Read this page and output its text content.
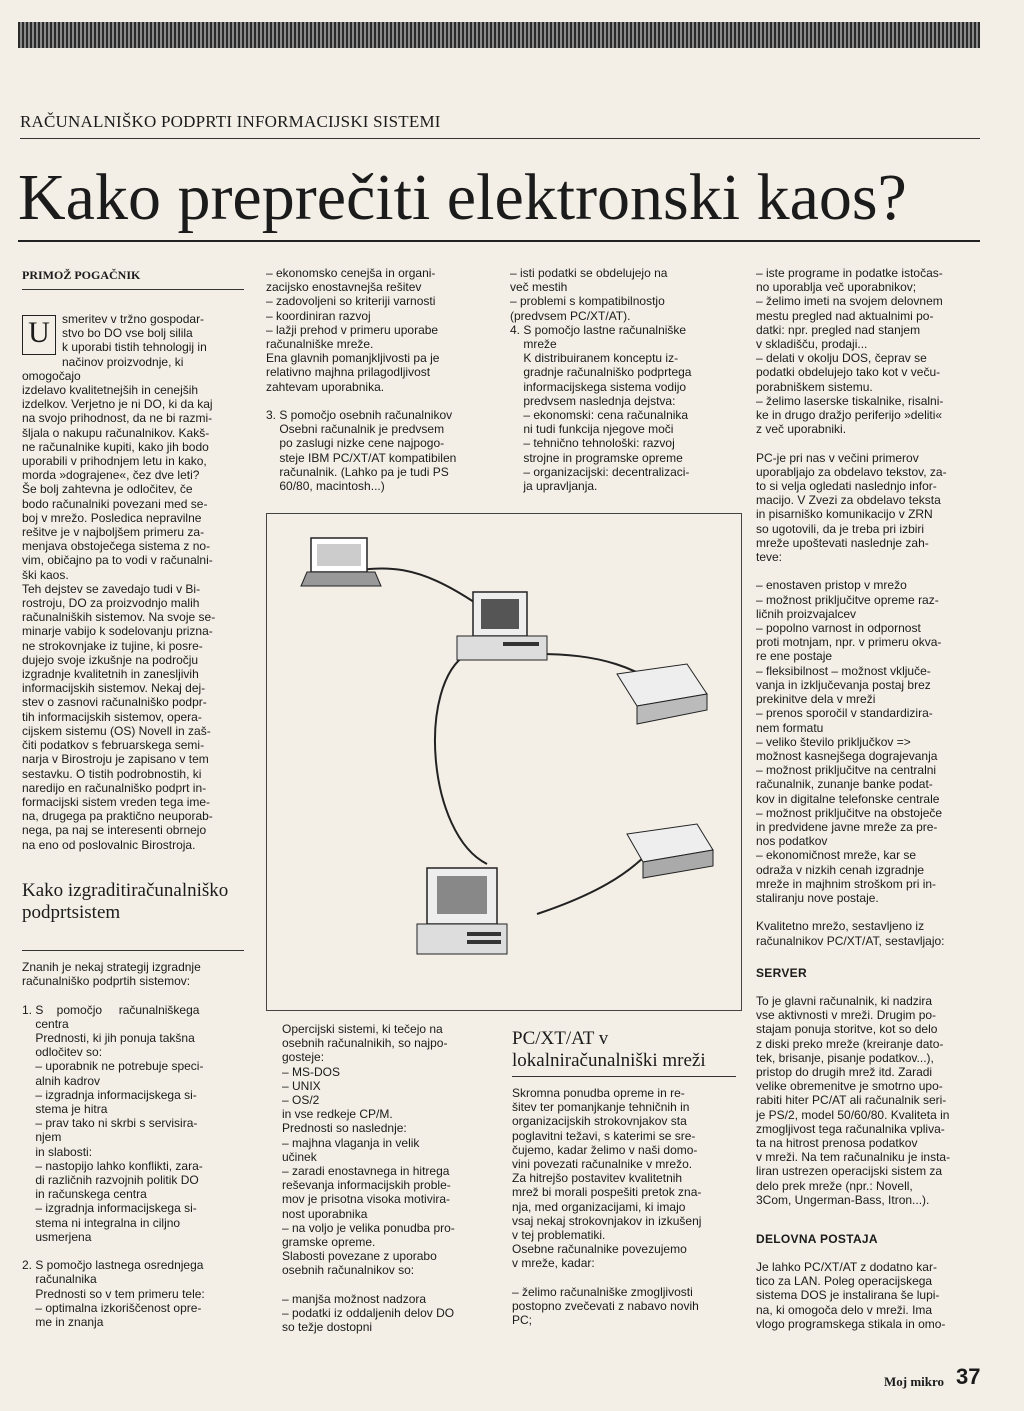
RAČUNALNIŠKO PODPRTI INFORMACIJSKI SISTEMI
Kako preprečiti elektronski kaos?
PRIMOŽ POGAČNIK
U	smeritev v tržno gospodar-
stvo bo DO vse bolj silila
k uporabi tistih tehnologij in
načinov proizvodnje, ki omogočajo
izdelavo kvalitetnejših in cenejših
izdelkov. Verjetno je ni DO, ki da kaj
na svojo prihodnost, da ne bi razmi-
šljala o nakupu računalnikov. Kakš-
ne računalnike kupiti, kako jih bodo
uporabili v prihodnjem letu in kako,
morda »dograjene«, čez dve leti?
Še bolj zahtevna je odločitev, če
bodo računalniki povezani med se-
boj v mrežo. Posledica nepravilne
rešitve je v najboljšem primeru za-
menjava obstoječega sistema z no-
vim, običajno pa to vodi v računalni-
ški kaos.
Teh dejstev se zavedajo tudi v Bi-
rostroju, DO za proizvodnjo malih
računalniških sistemov. Na svoje se-
minarje vabijo k sodelovanju prizna-
ne strokovnjake iz tujine, ki posre-
dujejo svoje izkušnje na področju
izgradnje kvalitetnih in zanesljivih
informacijskih sistemov. Nekaj dej-
stev o zasnovi računalniško podpr-
tih informacijskih sistemov, opera-
cijskem sistemu (OS) Novell in zaš-
čiti podatkov s februarskega semi-
narja v Birostroju je zapisano v tem
sestavku. O tistih podrobnostih, ki
naredijo en računalniško podprt in-
formacijski sistem vreden tega ime-
na, drugega pa praktično neuporab-
nega, pa naj se interesenti obrnejo
na eno od poslovalnic Birostroja.
Kako izgraditiračunalniško podprtsistem
Znanih je nekaj strategij izgradnje
računalniško podprtih sistemov:

1. S    pomočjo     računalniškega
centra
Prednosti, ki jih ponuja takšna
odločitev so:
– uporabnik ne potrebuje speci-
alnih kadrov
– izgradnja informacijskega si-
stema je hitra
– prav tako ni skrbi s servisira-
njem
in slabosti:
– nastopijo lahko konflikti, zara-
di različnih razvojnih politik DO
in računskega centra
– izgradnja informacijskega si-
stema ni integralna in ciljno
usmerjena

2. S pomočjo lastnega osrednjega
računalnika
Prednosti so v tem primeru tele:
– optimalna izkoriščenost opre-
me in znanja
– ekonomsko cenejša in organi-
zacijsko enostavnejša rešitev
– zadovoljeni so kriteriji varnosti
– koordiniran razvoj
– lažji prehod v primeru uporabe
računalniške mreže.
Ena glavnih pomanjkljivosti pa je
relativno majhna prilagodljivost
zahtevam uporabnika.

3. S pomočjo osebnih računalnikov
Osebni računalnik je predvsem
po zaslugi nizke cene najpogo-
steje IBM PC/XT/AT kompatibilen
računalnik. (Lahko pa je tudi PS
60/80, macintosh...)
Opercijski sistemi, ki tečejo na
osebnih računalnikih, so najpo-
gosteje:
– MS-DOS
– UNIX
– OS/2
in vse redkeje CP/M.
Prednosti so naslednje:
– majhna vlaganja in velik
učinek
– zaradi enostavnega in hitrega
reševanja informacijskih proble-
mov je prisotna visoka motivira-
nost uporabnika
– na voljo je velika ponudba pro-
gramske opreme.
Slabosti povezane z uporabo
osebnih računalnikov so:

– manjša možnost nadzora
– podatki iz oddaljenih delov DO
so težje dostopni
– isti podatki se obdelujejo na
več mestih
– problemi s kompatibilnostjo
(predvsem PC/XT/AT).
4. S pomočjo lastne računalniške
mreže
K distribuiranem konceptu iz-
gradnje računalniško podprtega
informacijskega sistema vodijo
predvsem naslednja dejstva:
– ekonomski: cena računalnika
ni tudi funkcija njegove moči
– tehnično tehnološki: razvoj
strojne in programske opreme
– organizacijski: decentralizaci-
ja upravljanja.
PC/XT/AT v lokalniračunalniški mreži
Skromna ponudba opreme in re-
šitev ter pomanjkanje tehničnih in
organizacijskih strokovnjakov sta
poglavitni težavi, s katerimi se sre-
čujemo, kadar želimo v naši domo-
vini povezati računalnike v mrežo.
Za hitrejšo postavitev kvalitetnih
mrež bi morali pospešiti pretok zna-
nja, med organizacijami, ki imajo
vsaj nekaj strokovnjakov in izkušenj
v tej problematiki.
Osebne računalnike povezujemo
v mreže, kadar:

– želimo računalniške zmogljivosti
postopno zvečevati z nabavo novih
PC;
– iste programe in podatke istočas-
no uporablja več uporabnikov;
– želimo imeti na svojem delovnem
mestu pregled nad aktualnimi po-
datki: npr. pregled nad stanjem
v skladišču, prodaji...
– delati v okolju DOS, čeprav se
podatki obdelujejo tako kot v veču-
porabniškem sistemu.
– želimo laserske tiskalnike, risalni-
ke in drugo dražjo periferijo »deliti«
z več uporabniki.

PC-je pri nas v večini primerov
uporabljajo za obdelavo tekstov, za-
to si velja ogledati naslednjo infor-
macijo. V Zvezi za obdelavo teksta
in pisarniško komunikacijo v ZRN
so ugotovili, da je treba pri izbiri
mreže upoštevati naslednje zah-
teve:

– enostaven pristop v mrežo
– možnost priključitve opreme raz-
ličnih proizvajalcev
– popolno varnost in odpornost
proti motnjam, npr. v primeru okva-
re ene postaje
– fleksibilnost – možnost vključe-
vanja in izključevanja postaj brez
prekinitve dela v mreži
– prenos sporočil v standardizira-
nem formatu
– veliko število priključkov =>
možnost kasnejšega dograjevanja
– možnost priključitve na centralni
računalnik, zunanje banke podat-
kov in digitalne telefonske centrale
– možnost priključitve na obstoječe
in predvidene javne mreže za pre-
nos podatkov
– ekonomičnost mreže, kar se
odraža v nizkih cenah izgradnje
mreže in majhnim stroškom pri in-
staliranju nove postaje.

Kvalitetno mrežo, sestavljeno iz
računalnikov PC/XT/AT, sestavljajo:
SERVER
To je glavni računalnik, ki nadzira
vse aktivnosti v mreži. Drugim po-
stajam ponuja storitve, kot so delo
z diski preko mreže (kreiranje dato-
tek, brisanje, pisanje podatkov...),
pristop do drugih mrež itd. Zaradi
velike obremenitve je smotrno upo-
rabiti hiter PC/AT ali računalnik seri-
je PS/2, model 50/60/80. Kvaliteta in
zmogljivost tega računalnika vpliva-
ta na hitrost prenosa podatkov
v mreži. Na tem računalniku je insta-
liran ustrezen operacijski sistem za
delo prek mreže (npr.: Novell,
3Com, Ungerman-Bass, Itron...).
DELOVNA POSTAJA
Je lahko PC/XT/AT z dodatno kar-
tico za LAN. Poleg operacijskega
sistema DOS je instalirana še lupi-
na, ki omogoča delo v mreži. Ima
vlogo programskega stikala in omo-
Moj mikro 37
